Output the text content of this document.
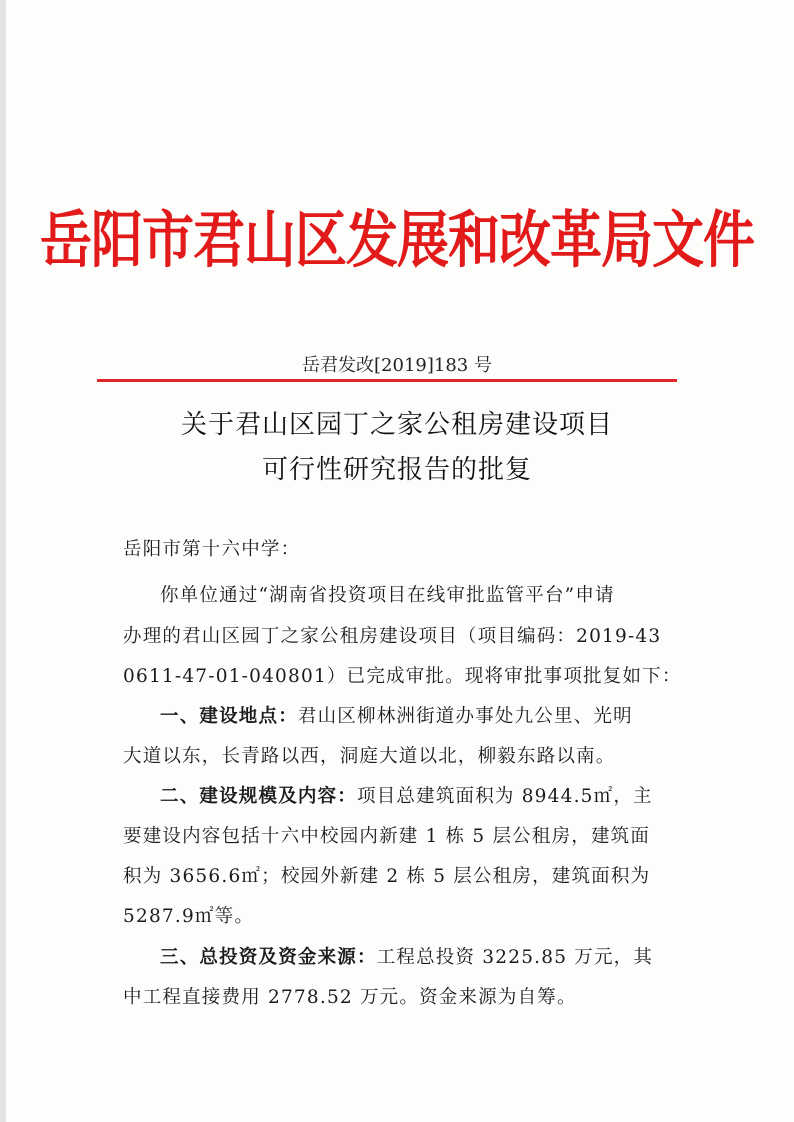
岳阳市君山区发展和改革局文件
岳君发改[2019]183 号
关于君山区园丁之家公租房建设项目
可行性研究报告的批复
岳阳市第十六中学：
你单位通过“湖南省投资项目在线审批监管平台”申请
办理的君山区园丁之家公租房建设项目（项目编码：2019-43
0611-47-01-040801）已完成审批。现将审批事项批复如下：
一、建设地点：君山区柳林洲街道办事处九公里、光明
大道以东，长青路以西，洞庭大道以北，柳毅东路以南。
二、建设规模及内容：项目总建筑面积为 8944.5㎡，主
要建设内容包括十六中校园内新建 1 栋 5 层公租房，建筑面
积为 3656.6㎡；校园外新建 2 栋 5 层公租房，建筑面积为
5287.9㎡等。
三、总投资及资金来源：工程总投资 3225.85 万元，其
中工程直接费用 2778.52 万元。资金来源为自筹。
